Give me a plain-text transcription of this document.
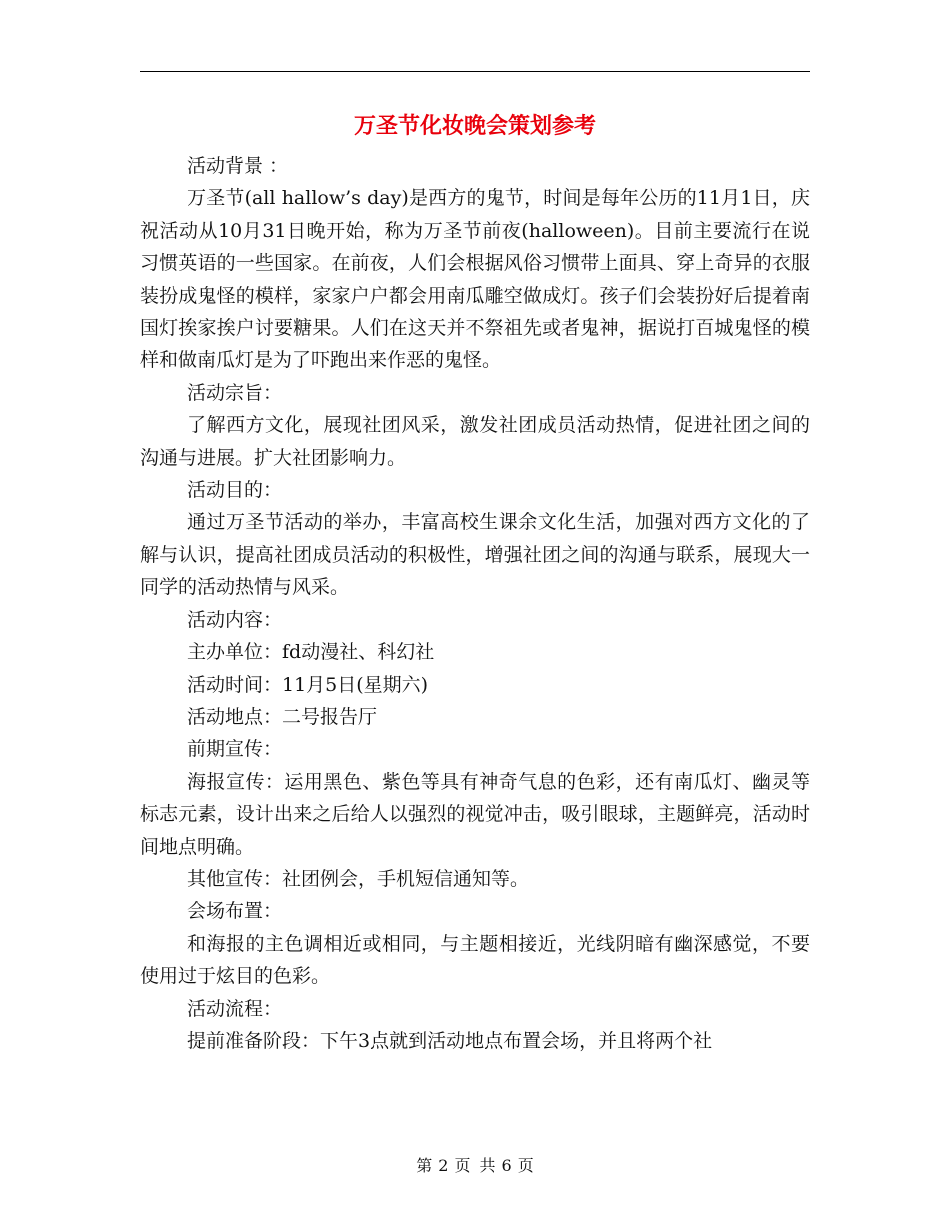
万圣节化妆晚会策划参考

活动背景 ：

万圣节(all hallow’s day)是西方的鬼节，时间是每年公历的11月1日，庆祝活动从10月31日晚开始，称为万圣节前夜(halloween)。目前主要流行在说习惯英语的一些国家。在前夜，人们会根据风俗习惯带上面具、穿上奇异的衣服装扮成鬼怪的模样，家家户户都会用南瓜雕空做成灯。孩子们会装扮好后提着南国灯挨家挨户讨要糖果。人们在这天并不祭祖先或者鬼神，据说打百城鬼怪的模样和做南瓜灯是为了吓跑出来作恶的鬼怪。

活动宗旨：

了解西方文化，展现社团风采，激发社团成员活动热情，促进社团之间的沟通与进展。扩大社团影响力。

活动目的：

通过万圣节活动的举办，丰富高校生课余文化生活，加强对西方文化的了解与认识，提高社团成员活动的积极性，增强社团之间的沟通与联系，展现大一同学的活动热情与风采。

活动内容：

主办单位：fd动漫社、科幻社

活动时间：11月5日(星期六)

活动地点：二号报告厅

前期宣传：

海报宣传：运用黑色、紫色等具有神奇气息的色彩，还有南瓜灯、幽灵等标志元素，设计出来之后给人以强烈的视觉冲击，吸引眼球，主题鲜亮，活动时间地点明确。

其他宣传：社团例会，手机短信通知等。

会场布置：

和海报的主色调相近或相同，与主题相接近，光线阴暗有幽深感觉，不要使用过于炫目的色彩。

活动流程：

提前准备阶段：下午3点就到活动地点布置会场，并且将两个社

第 2 页 共 6 页
